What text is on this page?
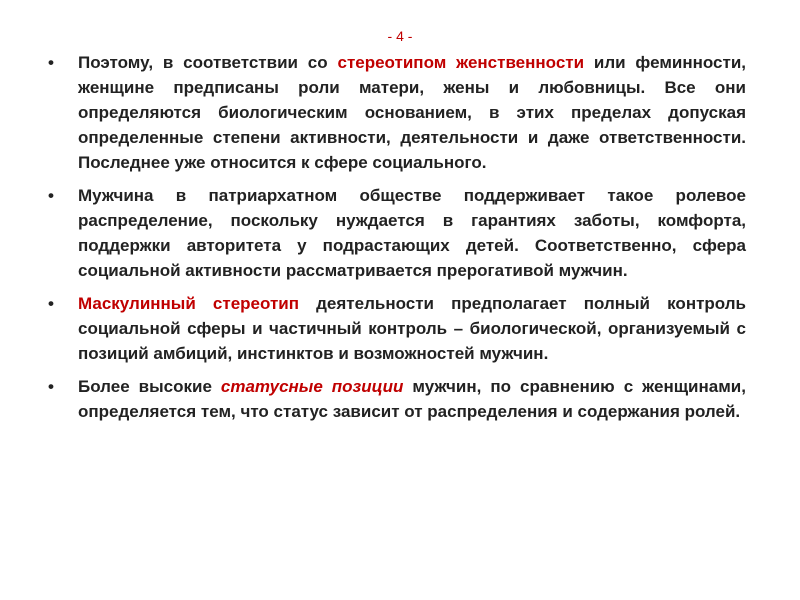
- 4 -
• Поэтому, в соответствии со стереотипом женственности или феминности, женщине предписаны роли матери, жены и любовницы. Все они определяются биологическим основанием, в этих пределах допуская определенные степени активности, деятельности и даже ответственности. Последнее уже относится к сфере социального.
• Мужчина в патриархатном обществе поддерживает такое ролевое распределение, поскольку нуждается в гарантиях заботы, комфорта, поддержки авторитета у подрастающих детей. Соответственно, сфера социальной активности рассматривается прерогативой мужчин.
• Маскулинный стереотип деятельности предполагает полный контроль социальной сферы и частичный контроль – биологической, организуемый с позиций амбиций, инстинктов и возможностей мужчин.
• Более высокие статусные позиции мужчин, по сравнению с женщинами, определяется тем, что статус зависит от распределения и содержания ролей.
